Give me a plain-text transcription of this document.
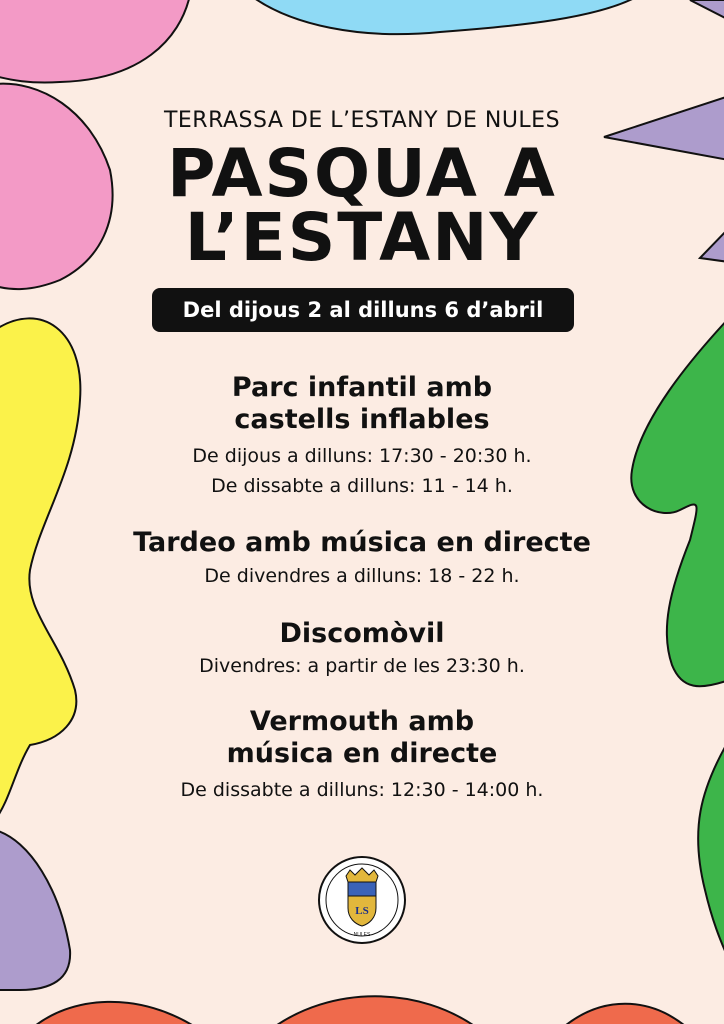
TERRASSA DE L’ESTANY DE NULES
PASQUA A
L’ESTANY
Del dijous 2 al dilluns 6 d’abril
Parc infantil amb
castells inflables
De dijous a dilluns: 17:30 - 20:30 h.
De dissabte a dilluns: 11 - 14 h.
Tardeo amb música en directe
De divendres a dilluns: 18 - 22 h.
Discomòvil
Divendres: a partir de les 23:30 h.
Vermouth amb
música en directe
De dissabte a dilluns: 12:30 - 14:00 h.
LS
NULES
